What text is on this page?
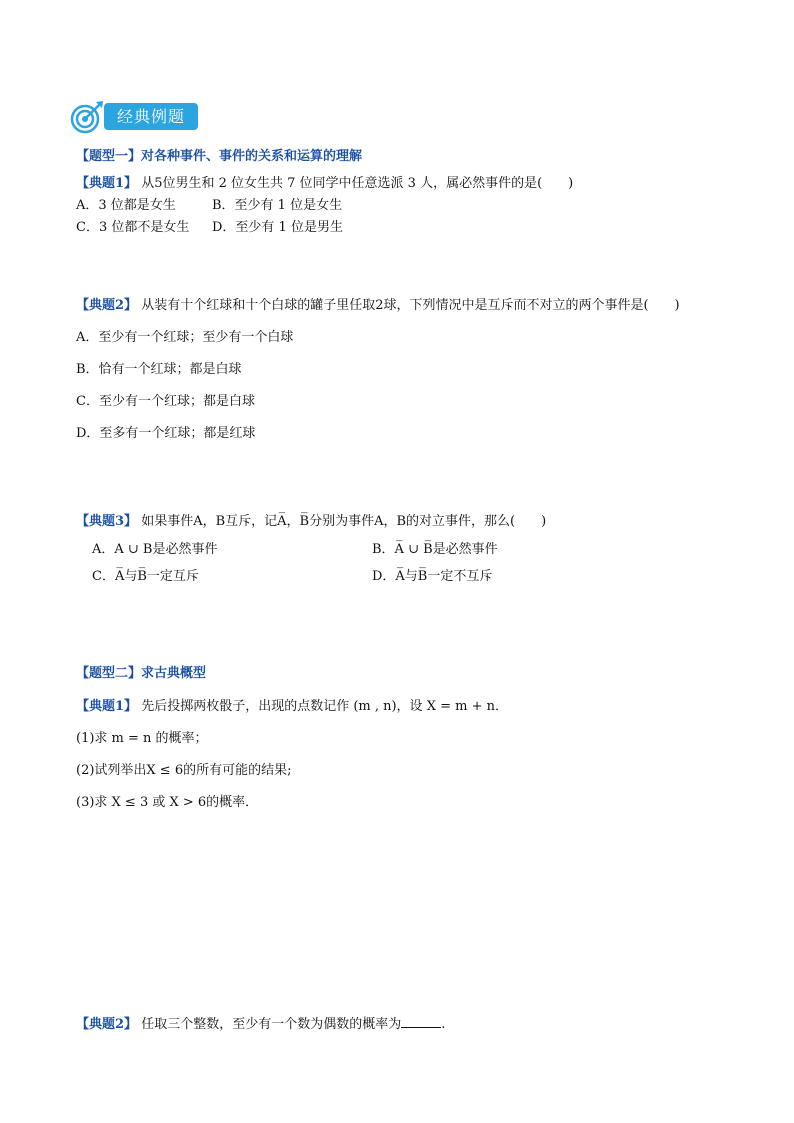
经典例题
【题型一】对各种事件、事件的关系和运算的理解
【典题1】 从5位男生和 2 位女生共 7 位同学中任意选派 3 人，属必然事件的是(　　)
A．3 位都是女生	B．至少有 1 位是女生
C．3 位都不是女生 D．至少有 1 位是男生
【典题2】 从装有十个红球和十个白球的罐子里任取2球，下列情况中是互斥而不对立的两个事件是(　　)
A．至少有一个红球；至少有一个白球
B．恰有一个红球；都是白球
C．至少有一个红球；都是白球
D．至多有一个红球；都是红球
【典题3】 如果事件A，B互斥，记A̅，B̅分别为事件A，B的对立事件，那么(　　)
A．A ∪ B是必然事件	B．A̅ ∪ B̅是必然事件
C．A̅与B̅一定互斥	D．A̅与B̅一定不互斥
【题型二】求古典概型
【典题1】 先后投掷两枚骰子，出现的点数记作 (m , n)，设 X = m + n．
(1)求 m = n 的概率；
(2)试列举出X ≤ 6的所有可能的结果;
(3)求 X ≤ 3 或 X > 6的概率．
【典题2】 任取三个整数，至少有一个数为偶数的概率为	.
